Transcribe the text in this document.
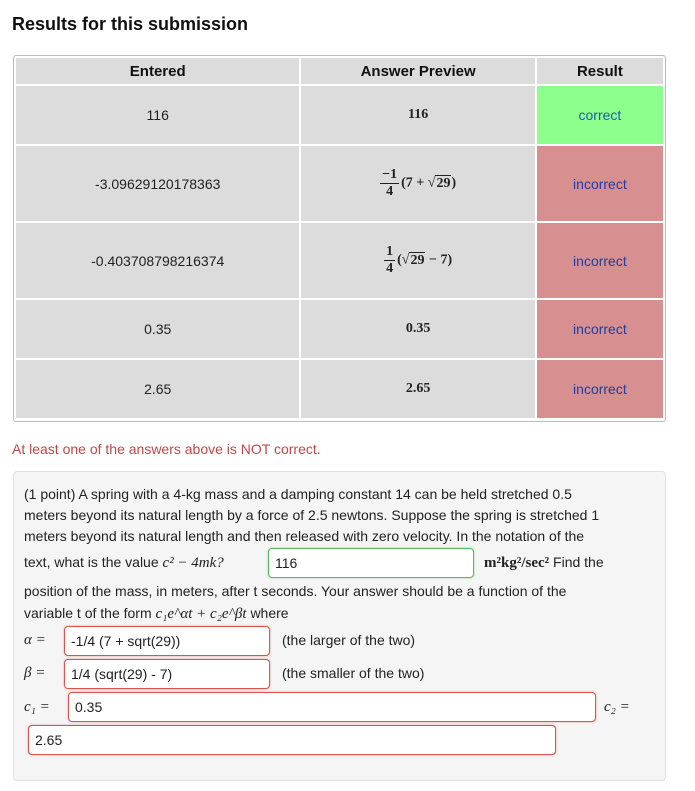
Results for this submission
Entered	Answer Preview	Result
116	116	correct
-3.09629120178363	$\frac{-1}{4} (7 + √29)$	incorrect
-0.403708798216374	$\frac{1}{4} (√29 - 7)$	incorrect
0.35	0.35	incorrect
2.65	2.65	incorrect
At least one of the answers above is NOT correct.
(1 point) A spring with a 4-kg mass and a damping constant 14 can be held stretched 0.5
meters beyond its natural length by a force of 2.5 newtons. Suppose the spring is stretched 1
meters beyond its natural length and then released with zero velocity. In the notation of the
text, what is the value c² − 4mk?
116	m²kg²/sec² Find the
position of the mass, in meters, after t seconds. Your answer should be a function of the
variable t of the form c₁e^αt + c₂e^βt where
α =
-1/4 (7 + sqrt(29))	(the larger of the two)
β =
1/4 (sqrt(29) - 7)	(the smaller of the two)
c₁ =
0.35	c₂ =
2.65
